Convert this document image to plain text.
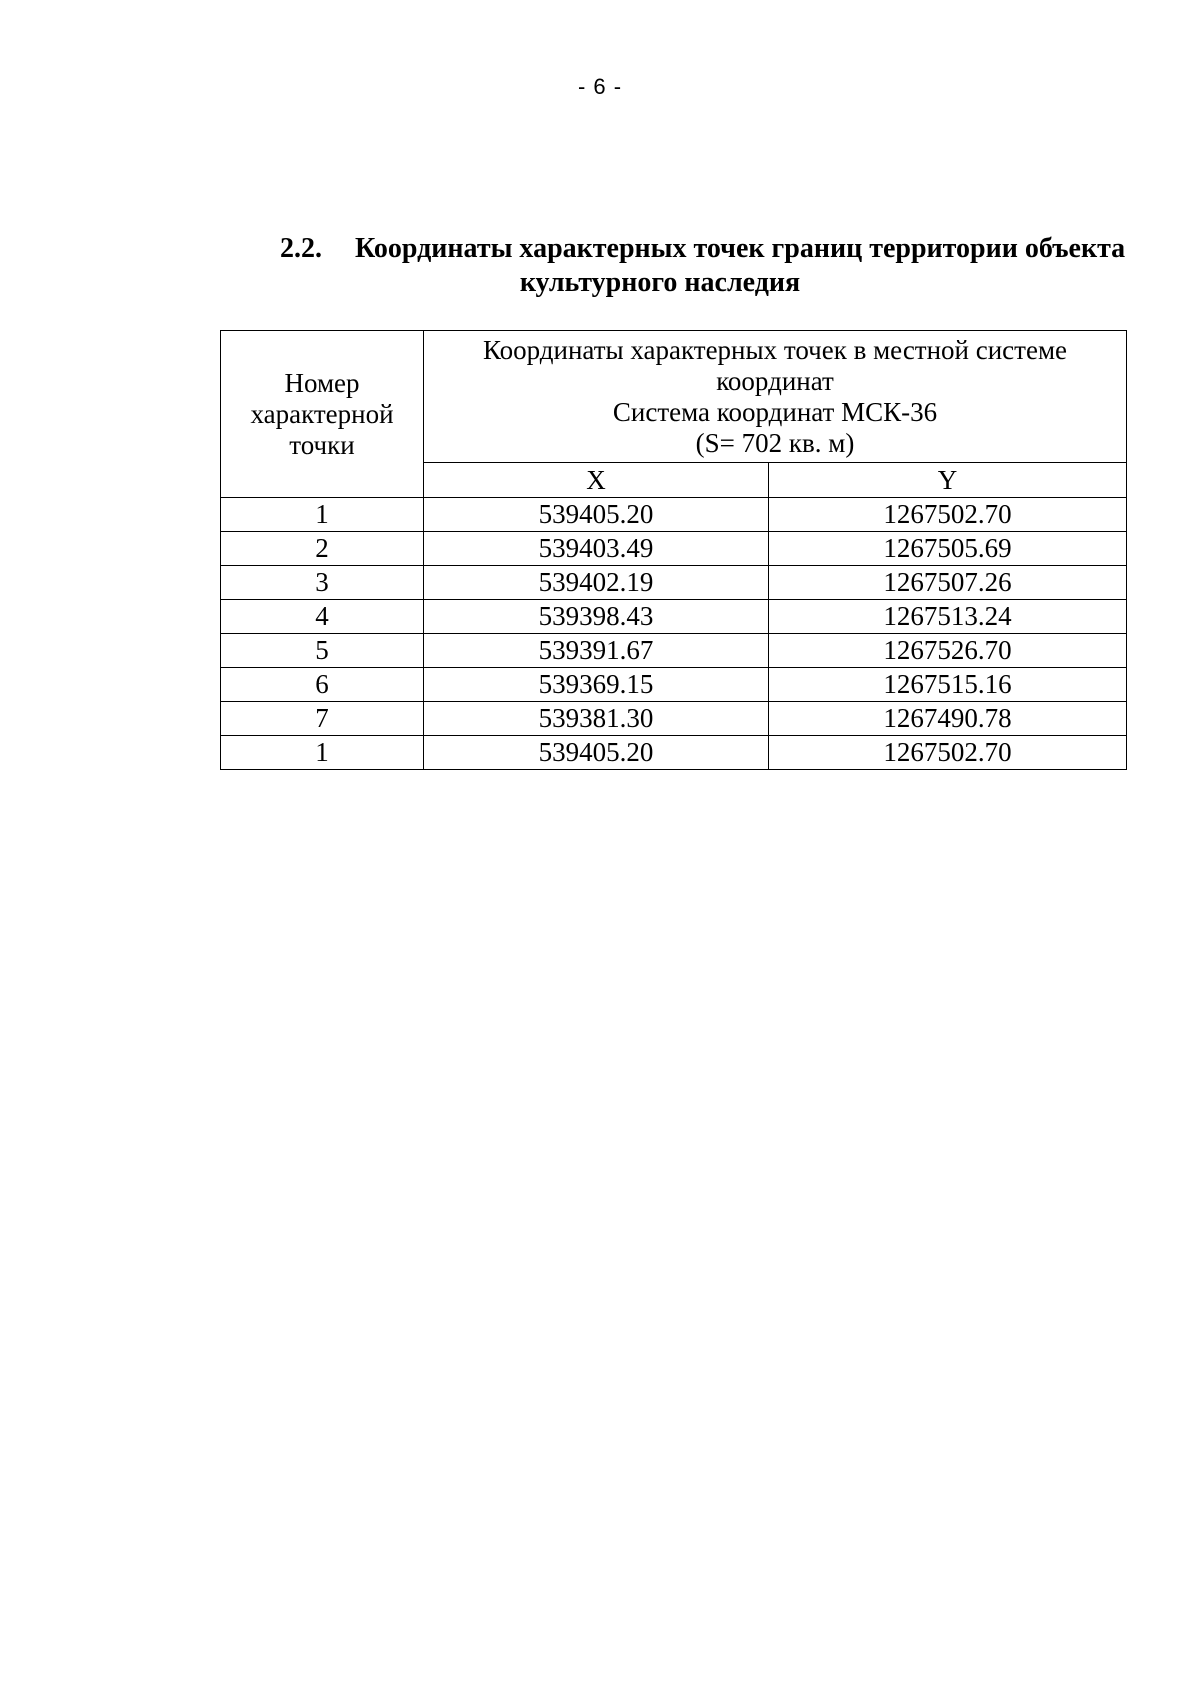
- 6 -
2.2. Координаты характерных точек границ территории объекта
культурного наследия
Номер
характерной
точки	Координаты характерных точек в местной системе
координат
Система координат МСК-36
(S= 702 кв. м)	

	X	Y
1	539405.20	1267502.70
2	539403.49	1267505.69
3	539402.19	1267507.26
4	539398.43	1267513.24
5	539391.67	1267526.70
6	539369.15	1267515.16
7	539381.30	1267490.78
1	539405.20	1267502.70
